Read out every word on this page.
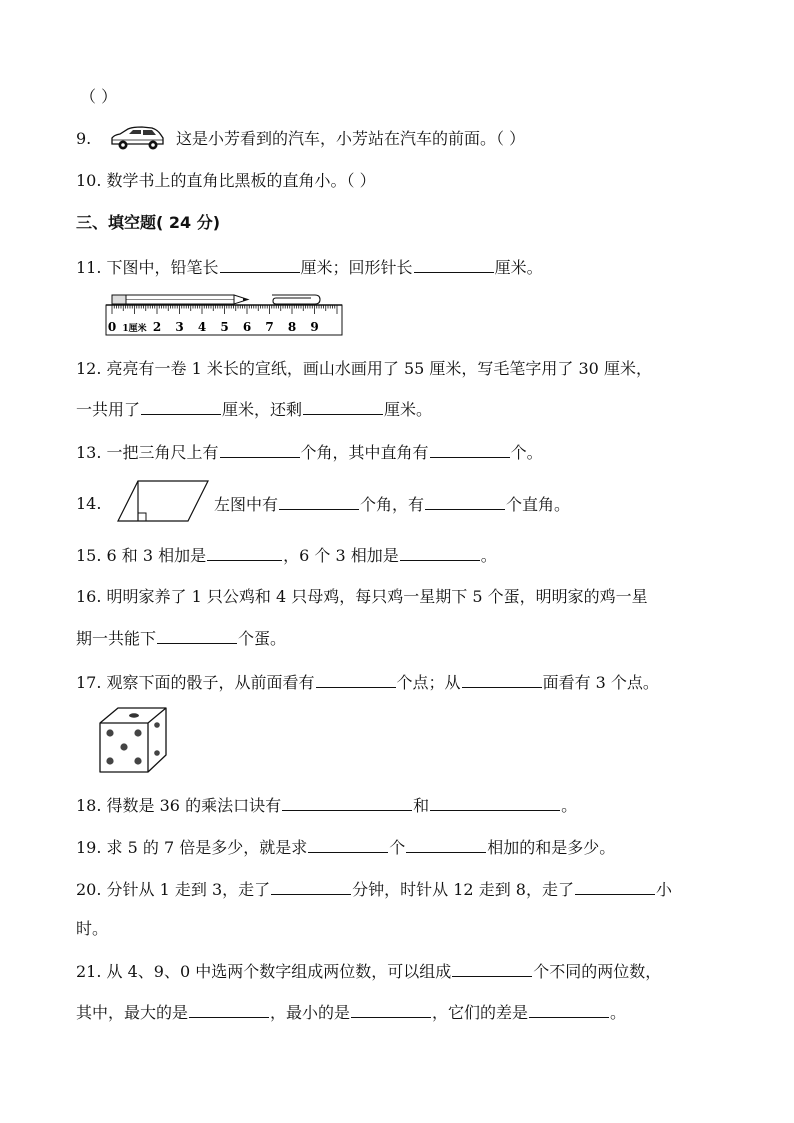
（ ）
9.	这是小芳看到的汽车，小芳站在汽车的前面。（ ）
10. 数学书上的直角比黑板的直角小。（ ）
三、填空题( 24 分)
11. 下图中，铅笔长	厘米；回形针长	厘米。
0 1厘米 2 3 4 5 6 7 8 9
12. 亮亮有一卷 1 米长的宣纸，画山水画用了 55 厘米，写毛笔字用了 30 厘米，
一共用了	厘米，还剩	厘米。
13. 一把三角尺上有	个角，其中直角有	个。
14.	左图中有	个角，有	个直角。
15. 6 和 3 相加是	，6 个 3 相加是	。
16. 明明家养了 1 只公鸡和 4 只母鸡，每只鸡一星期下 5 个蛋，明明家的鸡一星
期一共能下	个蛋。
17. 观察下面的骰子，从前面看有	个点；从	面看有 3 个点。
18. 得数是 36 的乘法口诀有	和	。
19. 求 5 的 7 倍是多少，就是求	个	相加的和是多少。
20. 分针从 1 走到 3，走了	分钟，时针从 12 走到 8，走了	小
时。
21. 从 4、9、0 中选两个数字组成两位数，可以组成	个不同的两位数，
其中，最大的是	，最小的是	，它们的差是	。
